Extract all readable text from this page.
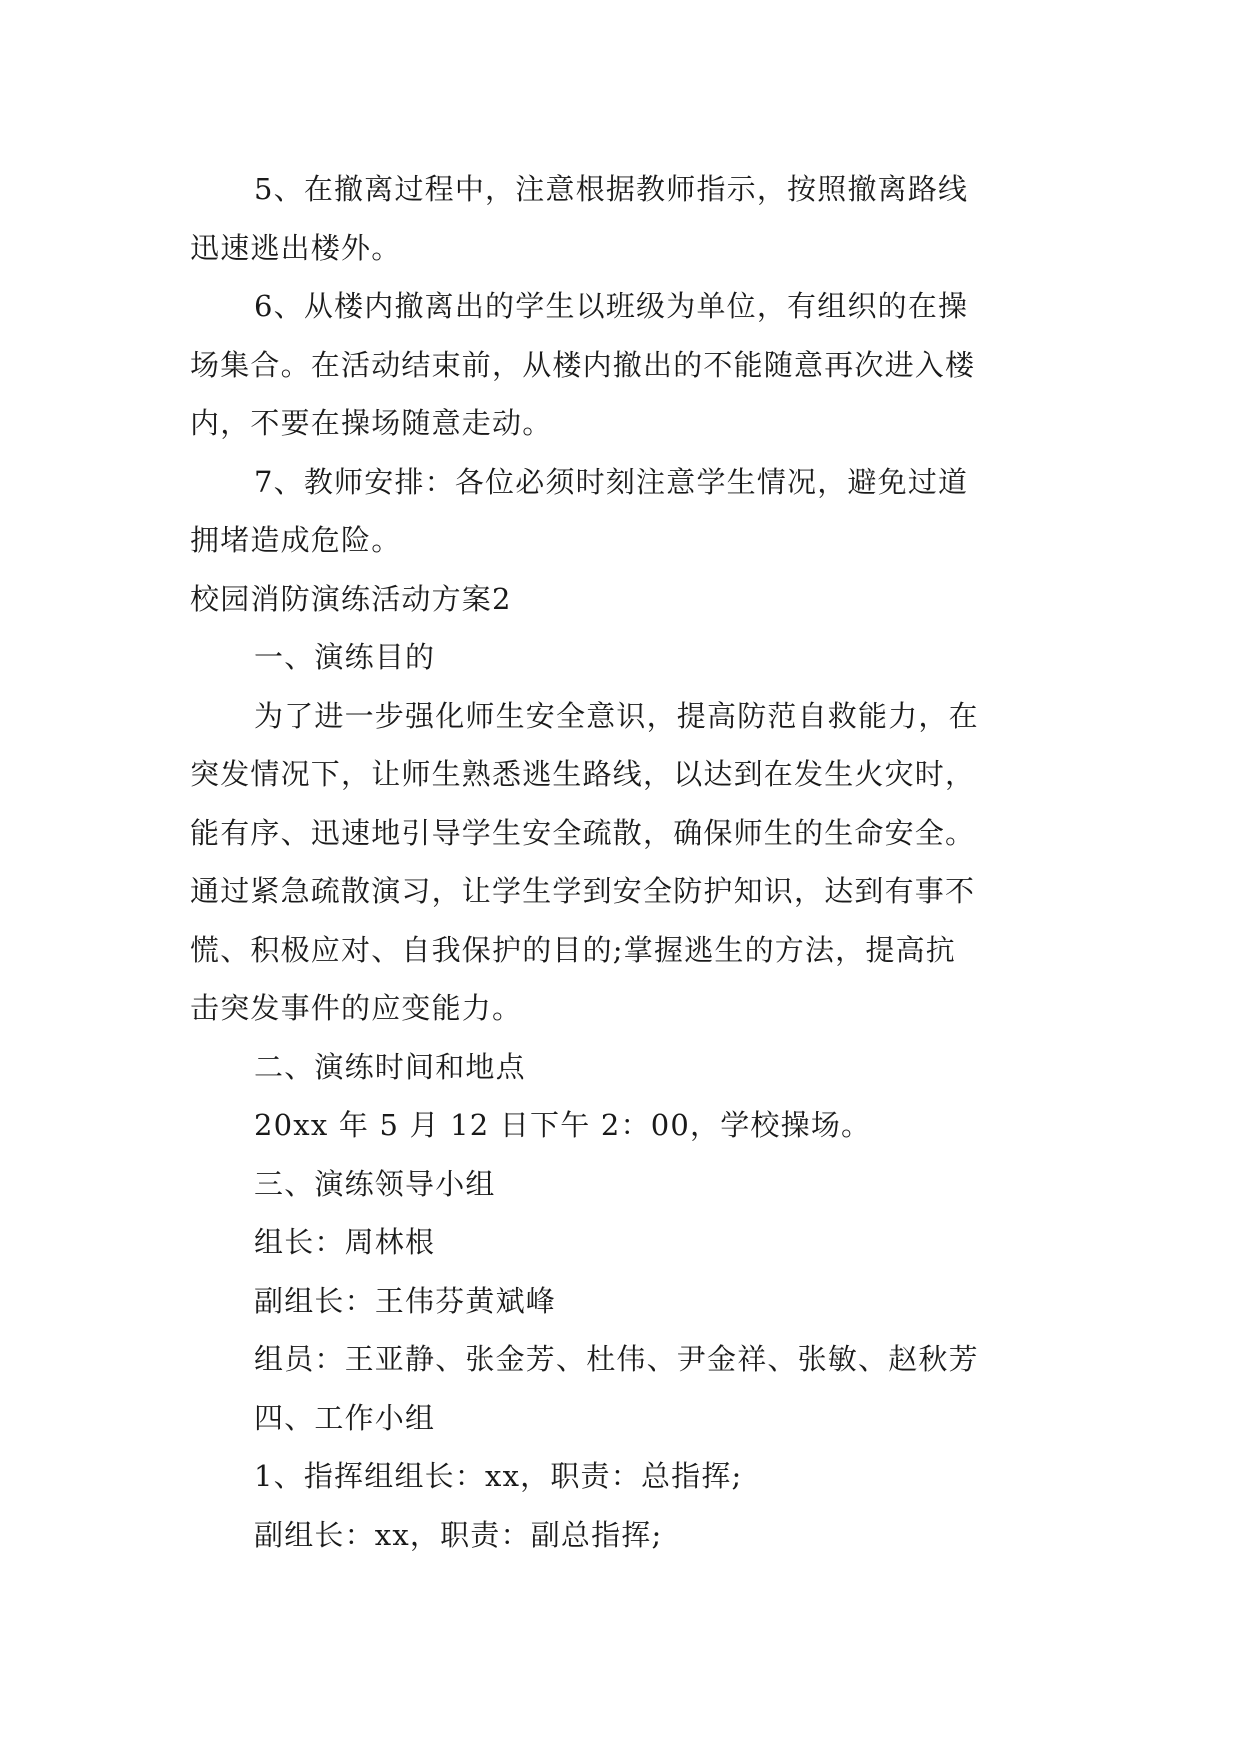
5、在撤离过程中，注意根据教师指示，按照撤离路线

迅速逃出楼外。

6、从楼内撤离出的学生以班级为单位，有组织的在操

场集合。在活动结束前，从楼内撤出的不能随意再次进入楼

内，不要在操场随意走动。

7、教师安排：各位必须时刻注意学生情况，避免过道

拥堵造成危险。

校园消防演练活动方案2

一、演练目的

为了进一步强化师生安全意识，提高防范自救能力，在

突发情况下，让师生熟悉逃生路线，以达到在发生火灾时，

能有序、迅速地引导学生安全疏散，确保师生的生命安全。

通过紧急疏散演习，让学生学到安全防护知识，达到有事不

慌、积极应对、自我保护的目的;掌握逃生的方法，提高抗

击突发事件的应变能力。

二、演练时间和地点

20xx 年 5 月 12 日下午 2：00，学校操场。

三、演练领导小组

组长：周林根

副组长：王伟芬黄斌峰

组员：王亚静、张金芳、杜伟、尹金祥、张敏、赵秋芳

四、工作小组

1、指挥组组长：xx，职责：总指挥;

副组长：xx，职责：副总指挥;
